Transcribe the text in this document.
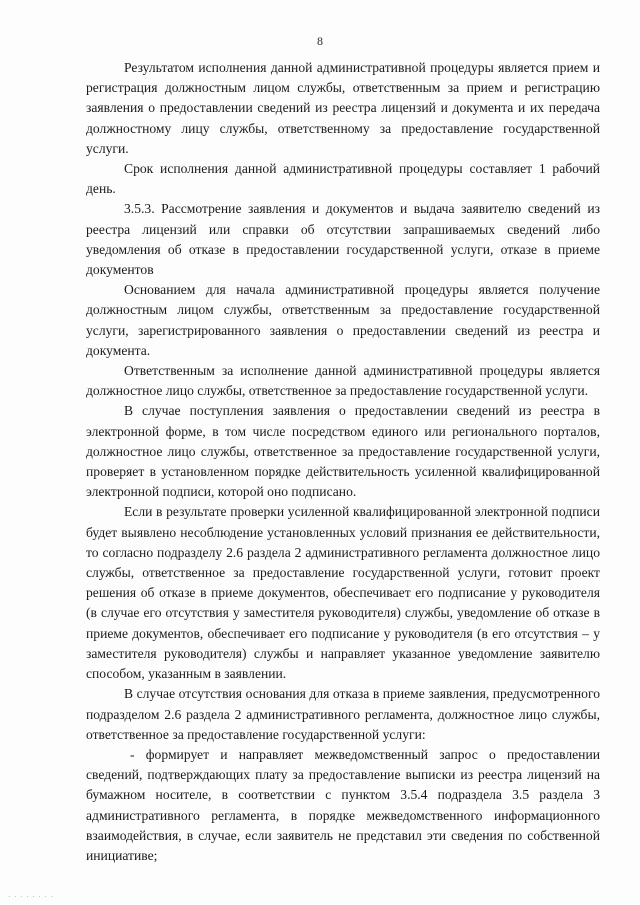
8

Результатом исполнения данной административной процедуры является прием и регистрация должностным лицом службы, ответственным за прием и регистрацию заявления о предоставлении сведений из реестра лицензий и документа и их передача должностному лицу службы, ответственному за предоставление государственной услуги.

Срок исполнения данной административной процедуры составляет 1 рабочий день.

3.5.3. Рассмотрение заявления и документов и выдача заявителю сведений из реестра лицензий или справки об отсутствии запрашиваемых сведений либо уведомления об отказе в предоставлении государственной услуги, отказе в приеме документов

Основанием для начала административной процедуры является получение должностным лицом службы, ответственным за предоставление государственной услуги, зарегистрированного заявления о предоставлении сведений из реестра и документа.

Ответственным за исполнение данной административной процедуры является должностное лицо службы, ответственное за предоставление государственной услуги.

В случае поступления заявления о предоставлении сведений из реестра в электронной форме, в том числе посредством единого или регионального порталов, должностное лицо службы, ответственное за предоставление государственной услуги, проверяет в установленном порядке действительность усиленной квалифицированной электронной подписи, которой оно подписано.

Если в результате проверки усиленной квалифицированной электронной подписи будет выявлено несоблюдение установленных условий признания ее действительности, то согласно подразделу 2.6 раздела 2 административного регламента должностное лицо службы, ответственное за предоставление государственной услуги, готовит проект решения об отказе в приеме документов, обеспечивает его подписание у руководителя (в случае его отсутствия у заместителя руководителя) службы, уведомление об отказе в приеме документов, обеспечивает его подписание у руководителя (в его отсутствия – у заместителя руководителя) службы и направляет указанное уведомление заявителю способом, указанным в заявлении.

В случае отсутствия основания для отказа в приеме заявления, предусмотренного подразделом 2.6 раздела 2 административного регламента, должностное лицо службы, ответственное за предоставление государственной услуги:

- формирует и направляет межведомственный запрос о предоставлении сведений, подтверждающих плату за предоставление выписки из реестра лицензий на бумажном носителе, в соответствии с пунктом 3.5.4 подраздела 3.5 раздела 3 административного регламента, в порядке межведомственного информационного взаимодействия, в случае, если заявитель не представил эти сведения по собственной инициативе;

· · · · · · · ·
